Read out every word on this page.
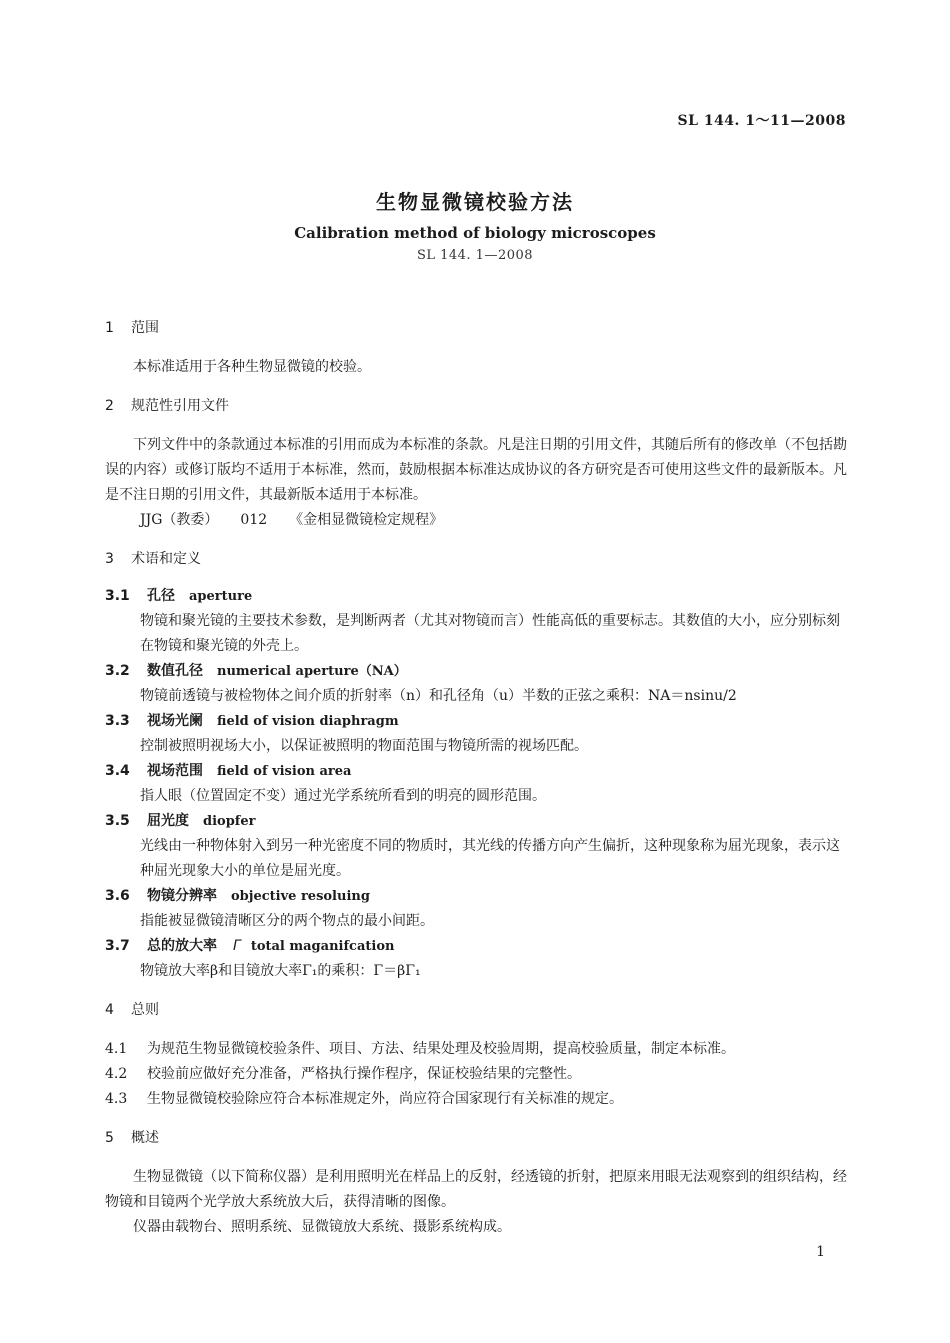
SL 144. 1～11—2008
生物显微镜校验方法
Calibration method of biology microscopes
SL 144. 1—2008

1 范围

本标准适用于各种生物显微镜的校验。

2 规范性引用文件

下列文件中的条款通过本标准的引用而成为本标准的条款。凡是注日期的引用文件，其随后所有的修改单（不包括勘误的内容）或修订版均不适用于本标准，然而，鼓励根据本标准达成协议的各方研究是否可使用这些文件的最新版本。凡是不注日期的引用文件，其最新版本适用于本标准。

JJG（教委） 012 《金相显微镜检定规程》

3 术语和定义

3.1 孔径 aperture

物镜和聚光镜的主要技术参数，是判断两者（尤其对物镜而言）性能高低的重要标志。其数值的大小，应分别标刻在物镜和聚光镜的外壳上。

3.2 数值孔径 numerical aperture（NA）

物镜前透镜与被检物体之间介质的折射率（n）和孔径角（u）半数的正弦之乘积：NA＝nsinu/2

3.3 视场光阑 field of vision diaphragm

控制被照明视场大小，以保证被照明的物面范围与物镜所需的视场匹配。

3.4 视场范围 field of vision area

指人眼（位置固定不变）通过光学系统所看到的明亮的圆形范围。

3.5 屈光度 diopfer

光线由一种物体射入到另一种光密度不同的物质时，其光线的传播方向产生偏折，这种现象称为屈光现象，表示这种屈光现象大小的单位是屈光度。

3.6 物镜分辨率 objective resoluing

指能被显微镜清晰区分的两个物点的最小间距。

3.7 总的放大率 Γ total maganifcation

物镜放大率β和目镜放大率Γ₁的乘积：Γ＝βΓ₁

4 总则

4.1 为规范生物显微镜校验条件、项目、方法、结果处理及校验周期，提高校验质量，制定本标准。

4.2 校验前应做好充分准备，严格执行操作程序，保证校验结果的完整性。

4.3 生物显微镜校验除应符合本标准规定外，尚应符合国家现行有关标准的规定。

5 概述

生物显微镜（以下简称仪器）是利用照明光在样品上的反射，经透镜的折射，把原来用眼无法观察到的组织结构，经物镜和目镜两个光学放大系统放大后，获得清晰的图像。

仪器由载物台、照明系统、显微镜放大系统、摄影系统构成。

1
